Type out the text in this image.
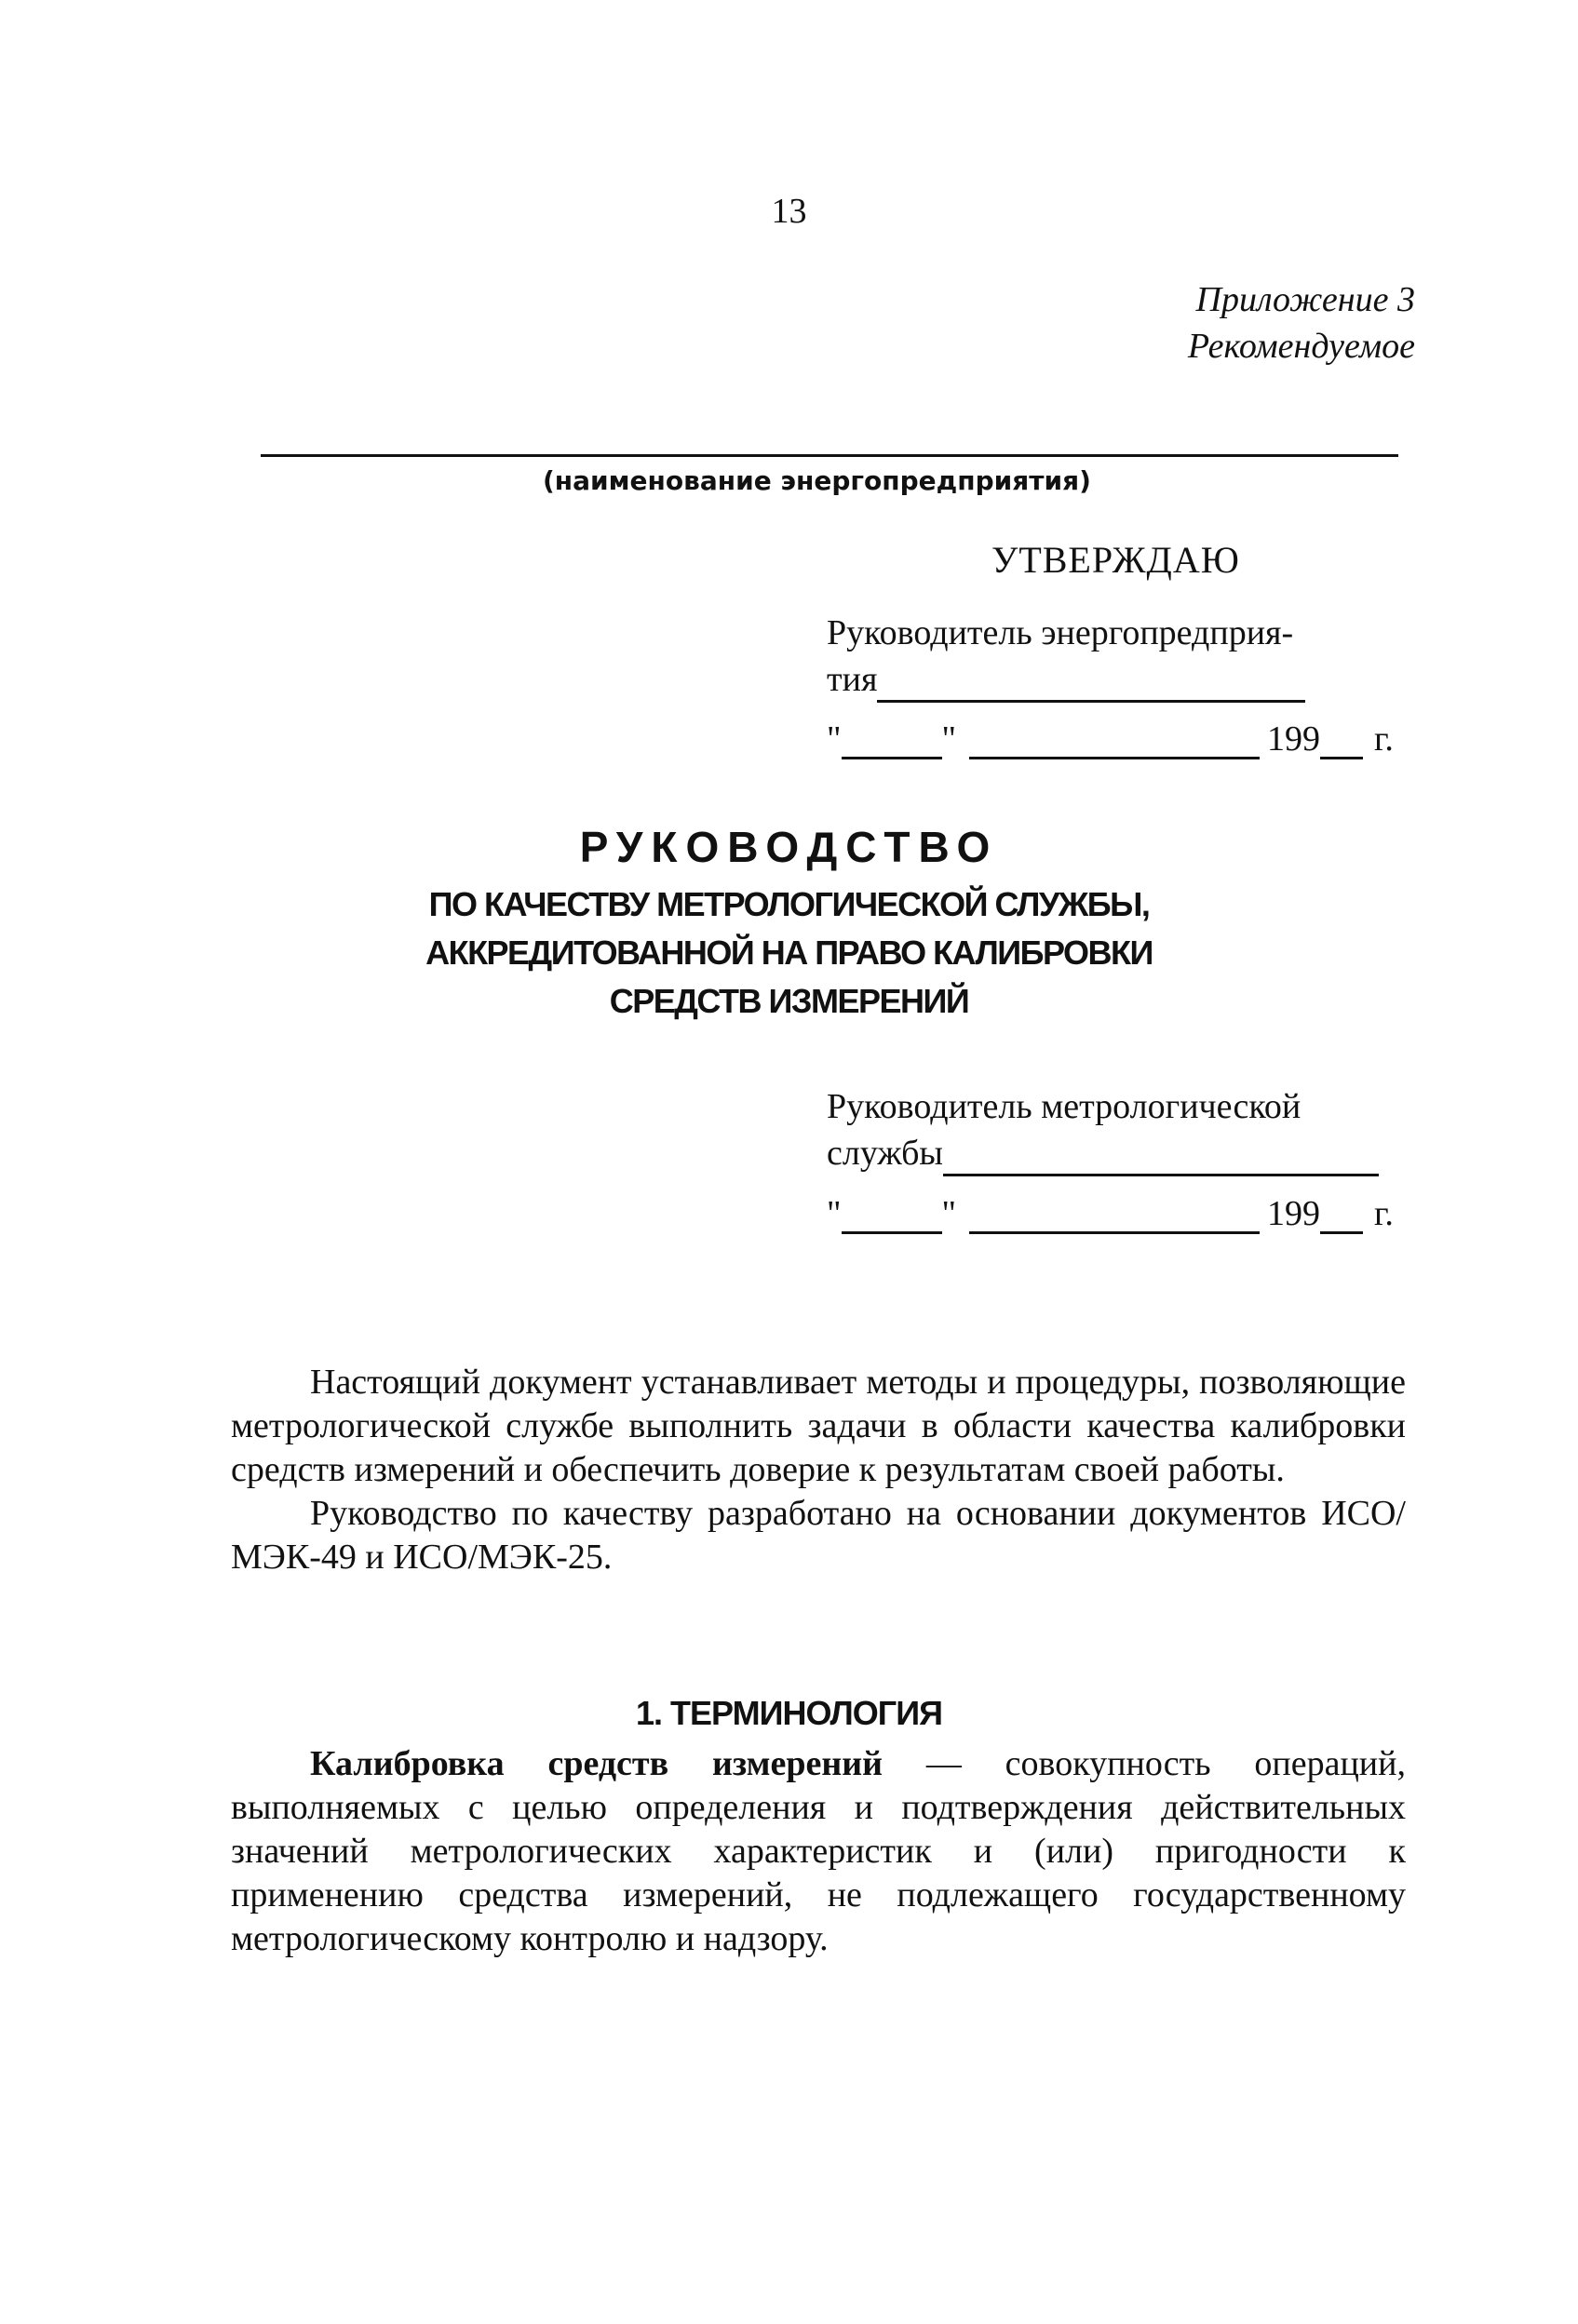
13
Приложение 3
Рекомендуемое
(наименование энергопредприятия)
УТВЕРЖДАЮ
Руководитель энергопредприя-
тия
"	"	199 г.
РУКОВОДСТВО
ПО КАЧЕСТВУ МЕТРОЛОГИЧЕСКОЙ СЛУЖБЫ,
АККРЕДИТОВАННОЙ НА ПРАВО КАЛИБРОВКИ
СРЕДСТВ ИЗМЕРЕНИЙ
Руководитель метрологической
службы
"	"	199 г.

Настоящий документ устанавливает методы и процедуры, позволяющие метрологической службе выполнить задачи в области качества калибровки средств измерений и обеспечить доверие к результатам своей работы.

Руководство по качеству разработано на основании документов ИСО/МЭК-49 и ИСО/МЭК-25.

1. ТЕРМИНОЛОГИЯ

Калибровка средств измерений — совокупность операций, выполняемых с целью определения и подтверждения действительных значений метрологических характеристик и (или) пригодности к применению средства измерений, не подлежащего государственному метрологическому контролю и надзору.
